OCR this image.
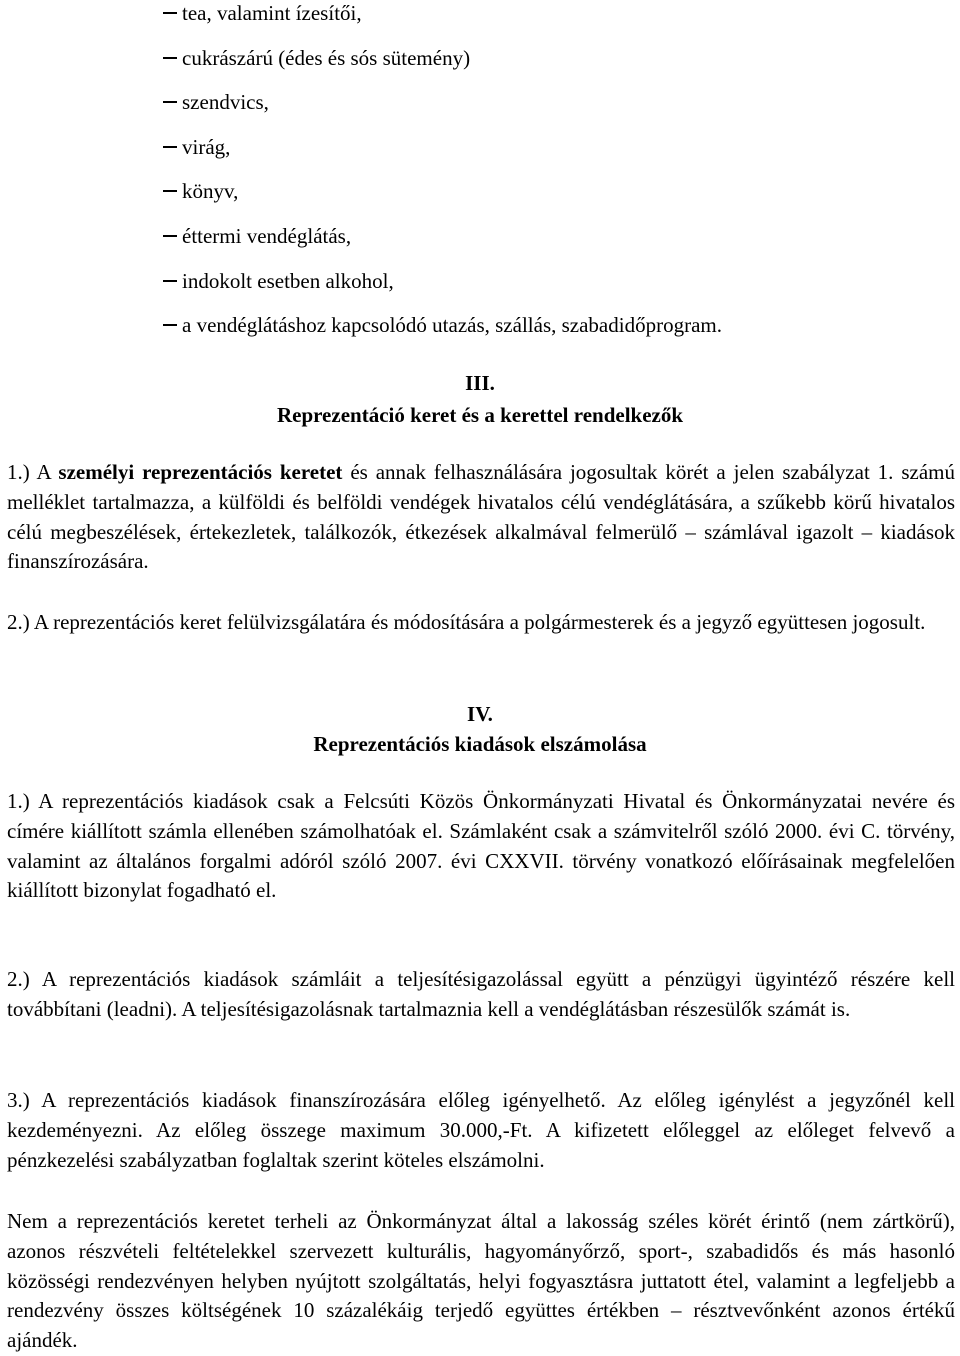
tea, valamint ízesítői,
cukrászárú (édes és sós sütemény)
szendvics,
virág,
könyv,
éttermi vendéglátás,
indokolt esetben alkohol,
a vendéglátáshoz kapcsolódó utazás, szállás, szabadidőprogram.
III.
Reprezentáció keret és a kerettel rendelkezők

1.) A személyi reprezentációs keretet és annak felhasználására jogosultak körét a jelen szabályzat 1. számú melléklet tartalmazza, a külföldi és belföldi vendégek hivatalos célú vendéglátására, a szűkebb körű hivatalos célú megbeszélések, értekezletek, találkozók, étkezések alkalmával felmerülő – számlával igazolt – kiadások finanszírozására.

2.) A reprezentációs keret felülvizsgálatára és módosítására a polgármesterek és a jegyző együttesen jogosult.

IV.
Reprezentációs kiadások elszámolása

1.) A reprezentációs kiadások csak a Felcsúti Közös Önkormányzati Hivatal és Önkormányzatai nevére és címére kiállított számla ellenében számolhatóak el. Számlaként csak a számvitelről szóló 2000. évi C. törvény, valamint az általános forgalmi adóról szóló 2007. évi CXXVII. törvény vonatkozó előírásainak megfelelően kiállított bizonylat fogadható el.

2.) A reprezentációs kiadások számláit a teljesítésigazolással együtt a pénzügyi ügyintéző részére kell továbbítani (leadni). A teljesítésigazolásnak tartalmaznia kell a vendéglátásban részesülők számát is.

3.) A reprezentációs kiadások finanszírozására előleg igényelhető. Az előleg igénylést a jegyzőnél kell kezdeményezni. Az előleg összege maximum 30.000,-Ft. A kifizetett előleggel az előleget felvevő a pénzkezelési szabályzatban foglaltak szerint köteles elszámolni.

Nem a reprezentációs keretet terheli az Önkormányzat által a lakosság széles körét érintő (nem zártkörű), azonos részvételi feltételekkel szervezett kulturális, hagyományőrző, sport-, szabadidős és más hasonló közösségi rendezvényen helyben nyújtott szolgáltatás, helyi fogyasztásra juttatott étel, valamint a legfeljebb a rendezvény összes költségének 10 százalékáig terjedő együttes értékben – résztvevőnként azonos értékű ajándék.
